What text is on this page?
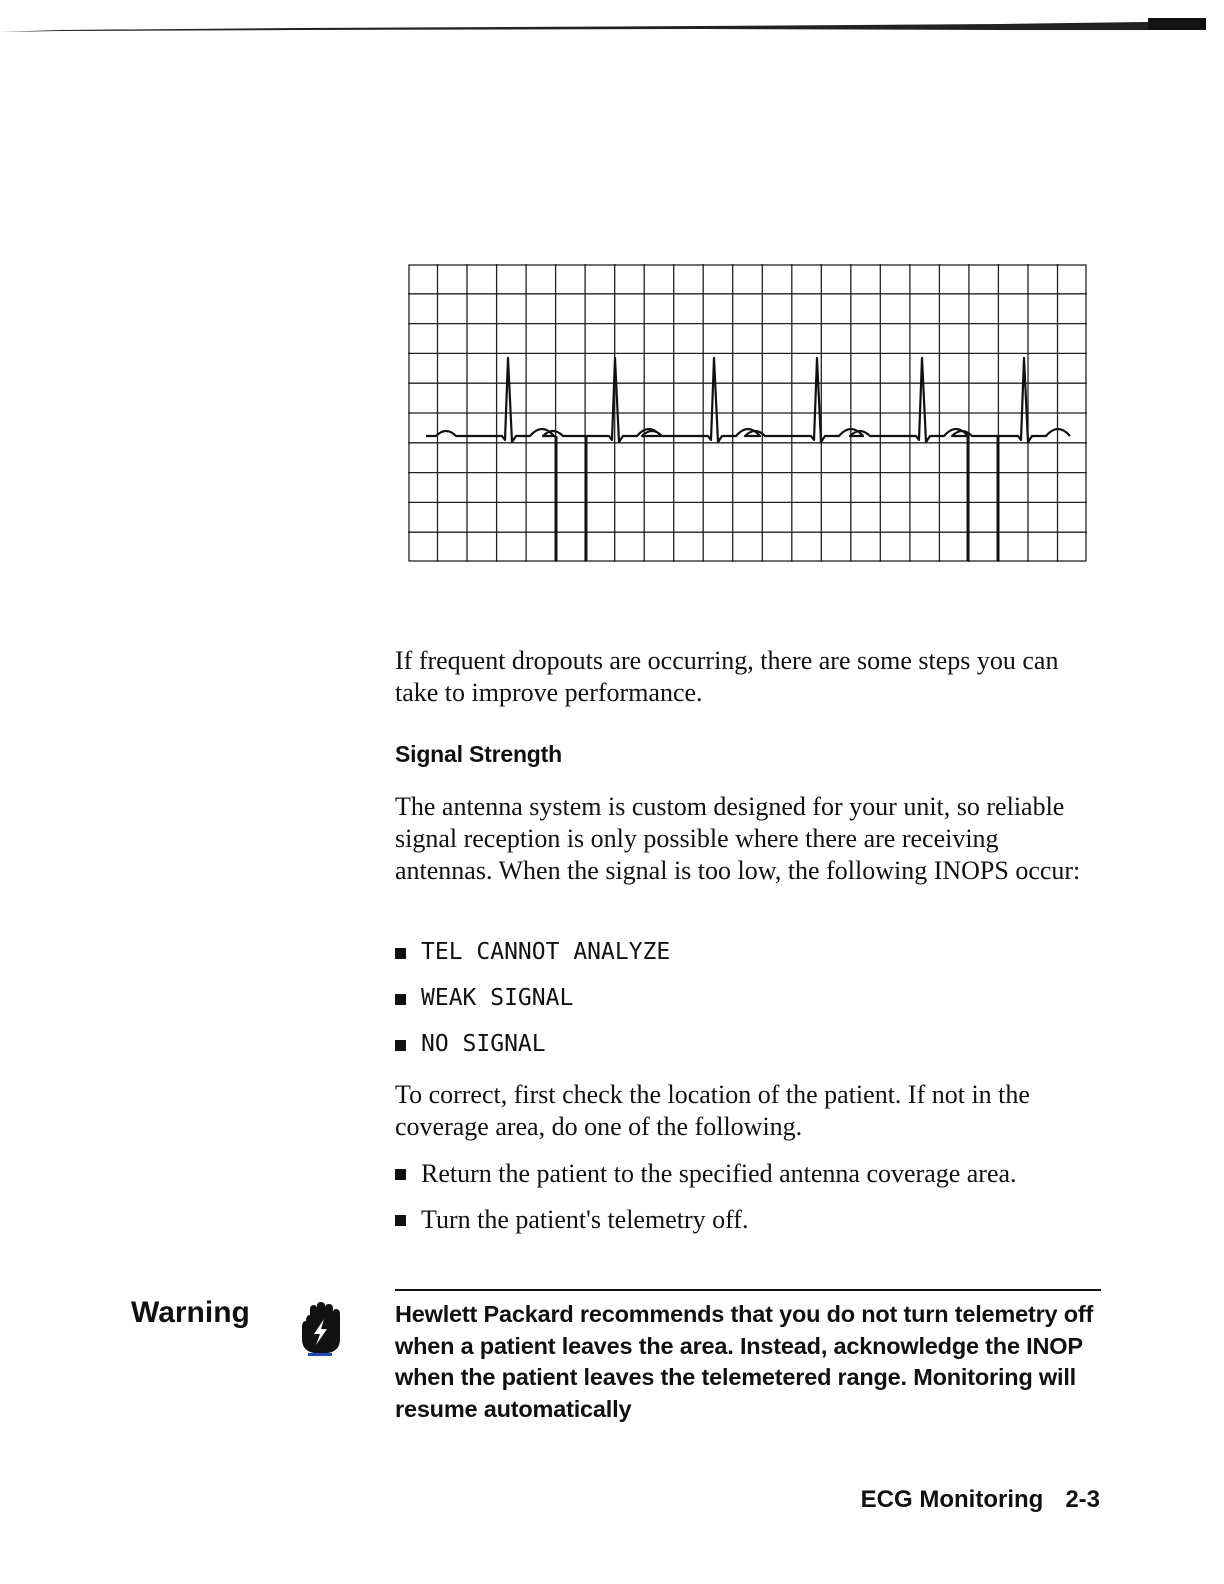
If frequent dropouts are occurring, there are some steps you can take to improve performance.

Signal Strength

The antenna system is custom designed for your unit, so reliable signal reception is only possible where there are receiving antennas. When the signal is too low, the following INOPS occur:

TEL CANNOT ANALYZE
WEAK SIGNAL
NO SIGNAL

To correct, first check the location of the patient. If not in the coverage area, do one of the following.

Return the patient to the specified antenna coverage area.
Turn the patient's telemetry off.
Warning	Hewlett Packard recommends that you do not turn telemetry off when a patient leaves the area. Instead, acknowledge the INOP when the patient leaves the telemetered range. Monitoring will resume automatically

ECG Monitoring 2-3
